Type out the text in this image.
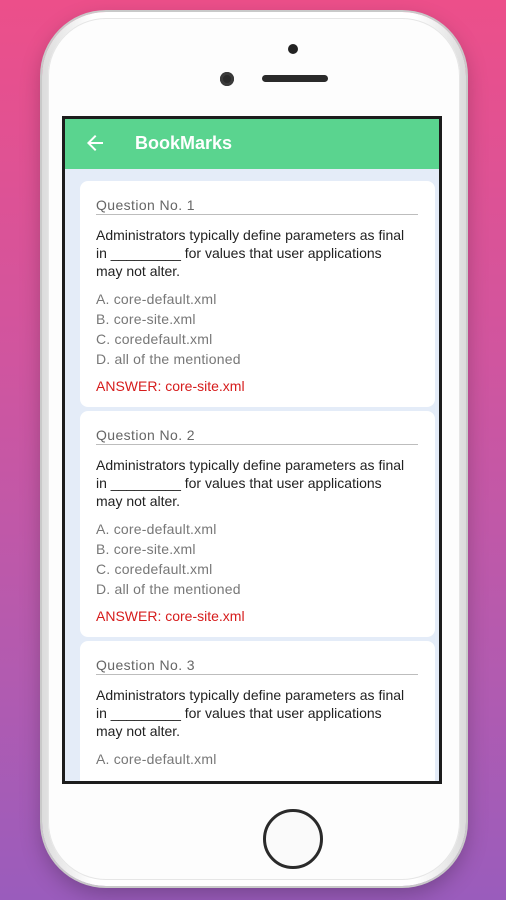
BookMarks
Question No. 1
Administrators typically define parameters as final in _________ for values that user applications may not alter.
A. core-default.xml
B. core-site.xml
C. coredefault.xml
D. all of the mentioned
ANSWER: core-site.xml
Question No. 2
Administrators typically define parameters as final in _________ for values that user applications may not alter.
A. core-default.xml
B. core-site.xml
C. coredefault.xml
D. all of the mentioned
ANSWER: core-site.xml
Question No. 3
Administrators typically define parameters as final in _________ for values that user applications may not alter.
A. core-default.xml
